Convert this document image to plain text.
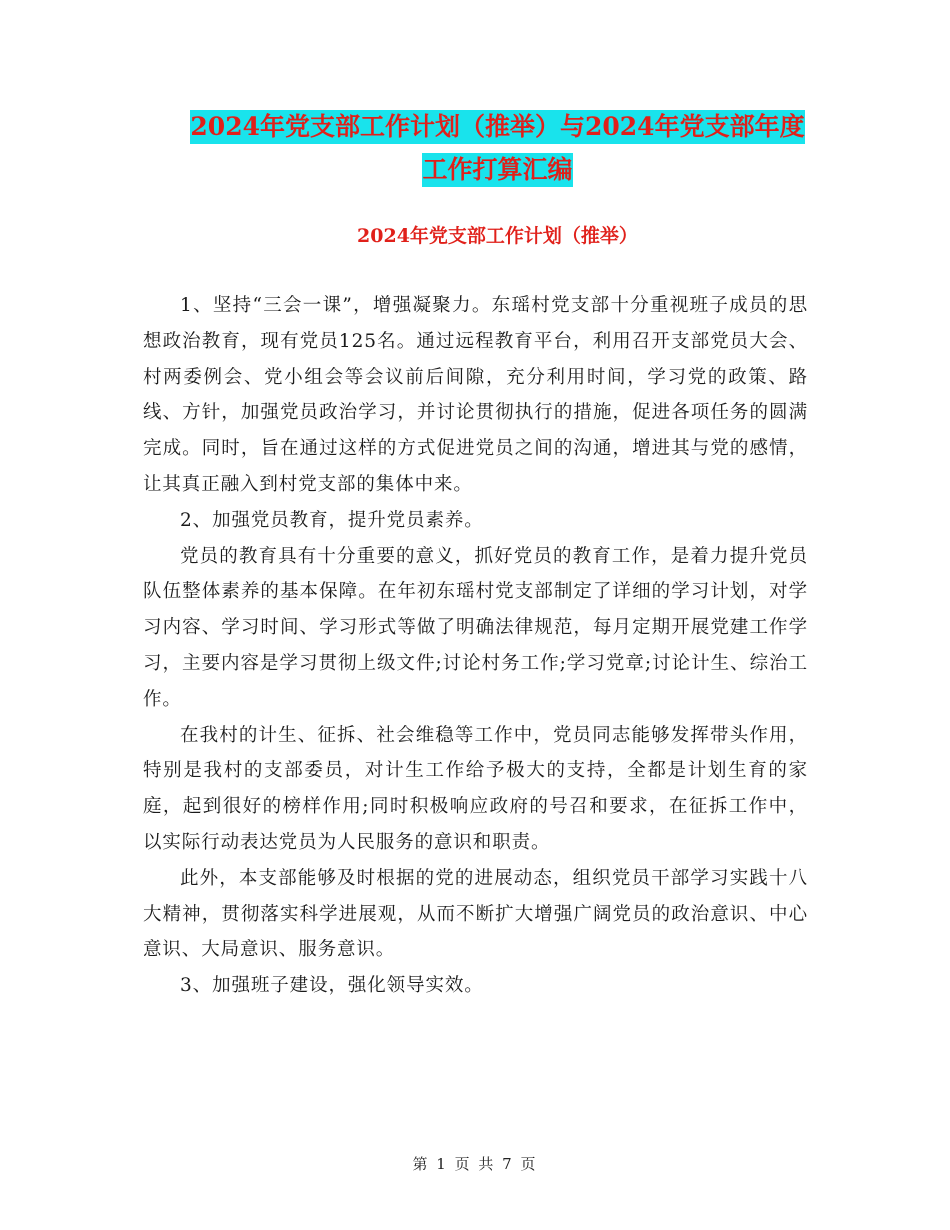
2024年党支部工作计划（推举）与2024年党支部年度
工作打算汇编
2024年党支部工作计划（推举）

1、坚持“三会一课”，增强凝聚力。东瑶村党支部十分重视班子成员的思想政治教育，现有党员125名。通过远程教育平台，利用召开支部党员大会、村两委例会、党小组会等会议前后间隙，充分利用时间，学习党的政策、路线、方针，加强党员政治学习，并讨论贯彻执行的措施，促进各项任务的圆满完成。同时，旨在通过这样的方式促进党员之间的沟通，增进其与党的感情，让其真正融入到村党支部的集体中来。

2、加强党员教育，提升党员素养。

党员的教育具有十分重要的意义，抓好党员的教育工作，是着力提升党员队伍整体素养的基本保障。在年初东瑶村党支部制定了详细的学习计划，对学习内容、学习时间、学习形式等做了明确法律规范，每月定期开展党建工作学习，主要内容是学习贯彻上级文件;讨论村务工作;学习党章;讨论计生、综治工作。

在我村的计生、征拆、社会维稳等工作中，党员同志能够发挥带头作用，特别是我村的支部委员，对计生工作给予极大的支持，全都是计划生育的家庭，起到很好的榜样作用;同时积极响应政府的号召和要求，在征拆工作中，以实际行动表达党员为人民服务的意识和职责。

此外，本支部能够及时根据的党的进展动态，组织党员干部学习实践十八大精神，贯彻落实科学进展观，从而不断扩大增强广阔党员的政治意识、中心意识、大局意识、服务意识。

3、加强班子建设，强化领导实效。

第 1 页 共 7 页
